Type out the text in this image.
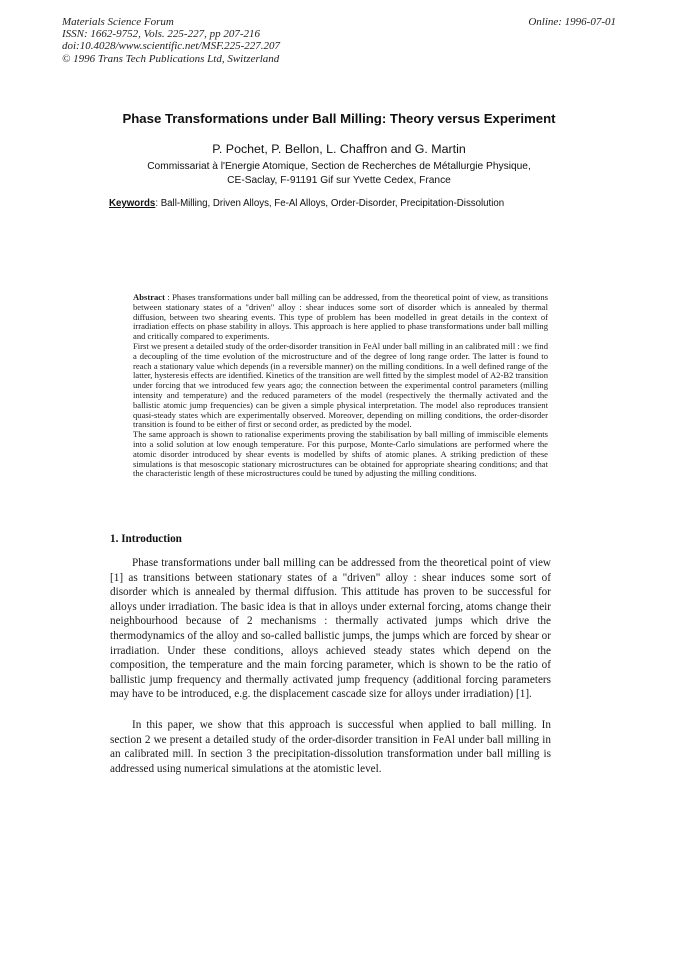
Materials Science Forum
ISSN: 1662-9752, Vols. 225-227, pp 207-216
doi:10.4028/www.scientific.net/MSF.225-227.207
© 1996 Trans Tech Publications Ltd, Switzerland
Online: 1996-07-01
Phase Transformations under Ball Milling: Theory versus Experiment
P. Pochet, P. Bellon, L. Chaffron and G. Martin
Commissariat à l'Energie Atomique, Section de Recherches de Métallurgie Physique,
CE-Saclay, F-91191 Gif sur Yvette Cedex, France
Keywords: Ball-Milling, Driven Alloys, Fe-Al Alloys, Order-Disorder, Precipitation-Dissolution

Abstract : Phases transformations under ball milling can be addressed, from the theoretical point of view, as transitions between stationary states of a "driven" alloy : shear induces some sort of disorder which is annealed by thermal diffusion, between two shearing events. This type of problem has been modelled in great details in the context of irradiation effects on phase stability in alloys. This approach is here applied to phase transformations under ball milling and critically compared to experiments.

First we present a detailed study of the order-disorder transition in FeAl under ball milling in an calibrated mill : we find a decoupling of the time evolution of the microstructure and of the degree of long range order. The latter is found to reach a stationary value which depends (in a reversible manner) on the milling conditions. In a well defined range of the latter, hysteresis effects are identified. Kinetics of the transition are well fitted by the simplest model of A2-B2 transition under forcing that we introduced few years ago; the connection between the experimental control parameters (milling intensity and temperature) and the reduced parameters of the model (respectively the thermally activated and the ballistic atomic jump frequencies) can be given a simple physical interpretation. The model also reproduces transient quasi-steady states which are experimentally observed. Moreover, depending on milling conditions, the order-disorder transition is found to be either of first or second order, as predicted by the model.

The same approach is shown to rationalise experiments proving the stabilisation by ball milling of immiscible elements into a solid solution at low enough temperature. For this purpose, Monte-Carlo simulations are performed where the atomic disorder introduced by shear events is modelled by shifts of atomic planes. A striking prediction of these simulations is that mesoscopic stationary microstructures can be obtained for appropriate shearing conditions; and that the characteristic length of these microstructures could be tuned by adjusting the milling conditions.

1. Introduction

Phase transformations under ball milling can be addressed from the theoretical point of view [1] as transitions between stationary states of a "driven" alloy : shear induces some sort of disorder which is annealed by thermal diffusion. This attitude has proven to be successful for alloys under irradiation. The basic idea is that in alloys under external forcing, atoms change their neighbourhood because of 2 mechanisms : thermally activated jumps which drive the thermodynamics of the alloy and so-called ballistic jumps, the jumps which are forced by shear or irradiation. Under these conditions, alloys achieved steady states which depend on the composition, the temperature and the main forcing parameter, which is shown to be the ratio of ballistic jump frequency and thermally activated jump frequency (additional forcing parameters may have to be introduced, e.g. the displacement cascade size for alloys under irradiation) [1].

In this paper, we show that this approach is successful when applied to ball milling. In section 2 we present a detailed study of the order-disorder transition in FeAl under ball milling in an calibrated mill. In section 3 the precipitation-dissolution transformation under ball milling is addressed using numerical simulations at the atomistic level.
